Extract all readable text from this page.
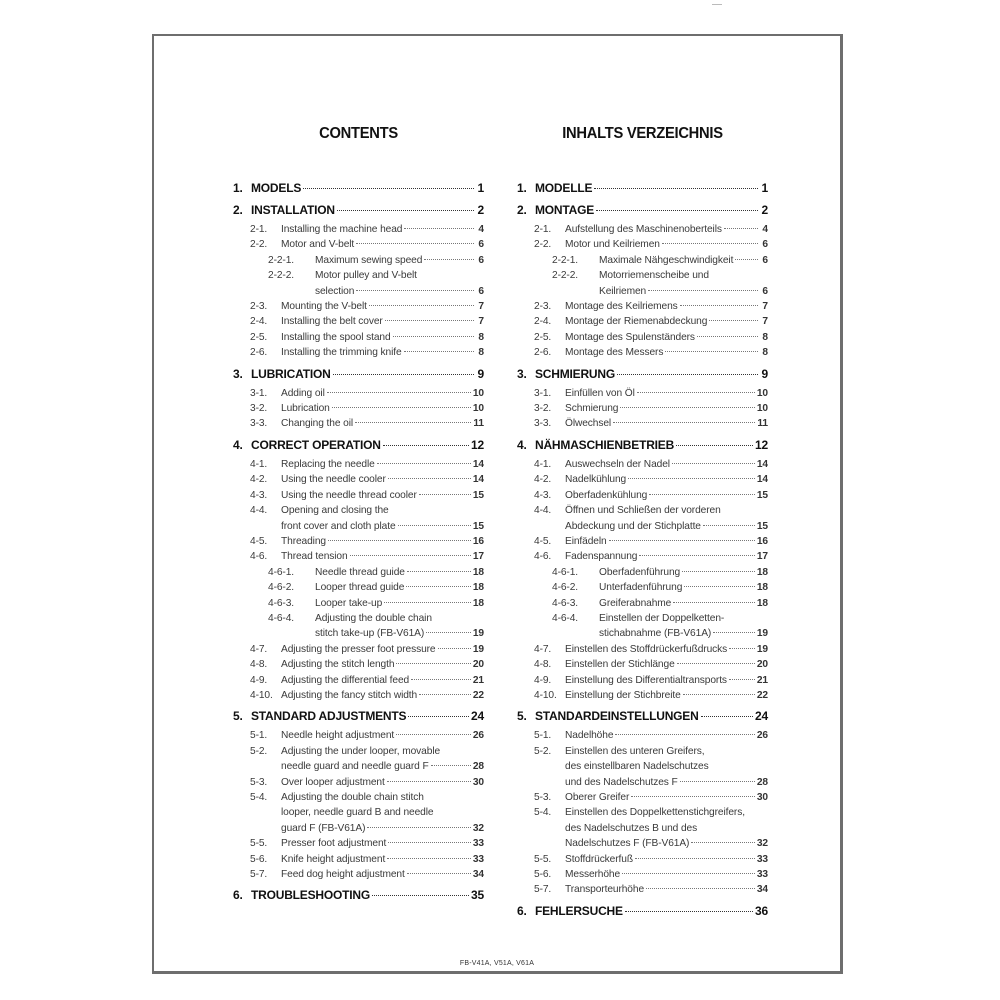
CONTENTS
1. MODELS	1
2. INSTALLATION	2
2-1.	Installing the machine head	4
2-2.	Motor and V-belt	6
2-2-1.	Maximum sewing speed	6
2-2-2.	Motor pulley and V-belt
selection	6
2-3.	Mounting the V-belt	7
2-4.	Installing the belt cover	7
2-5.	Installing the spool stand	8
2-6.	Installing the trimming knife	8
3. LUBRICATION	9
3-1.	Adding oil	10
3-2.	Lubrication	10
3-3.	Changing the oil	11
4. CORRECT OPERATION	12
4-1.	Replacing the needle	14
4-2.	Using the needle cooler	14
4-3.	Using the needle thread cooler	15
4-4.	Opening and closing the
front cover and cloth plate	15
4-5.	Threading	16
4-6.	Thread tension	17
4-6-1.	Needle thread guide	18
4-6-2.	Looper thread guide	18
4-6-3.	Looper take-up	18
4-6-4.	Adjusting the double chain
stitch take-up (FB-V61A)	19
4-7.	Adjusting the presser foot pressure	19
4-8.	Adjusting the stitch length	20
4-9.	Adjusting the differential feed	21
4-10. Adjusting the fancy stitch width	22
5. STANDARD ADJUSTMENTS	24
5-1.	Needle height adjustment	26
5-2.	Adjusting the under looper, movable
needle guard and needle guard F	28
5-3.	Over looper adjustment	30
5-4.	Adjusting the double chain stitch
looper, needle guard B and needle
guard F (FB-V61A)	32
5-5.	Presser foot adjustment	33
5-6.	Knife height adjustment	33
5-7.	Feed dog height adjustment	34
6. TROUBLESHOOTING	35
INHALTS VERZEICHNIS
1. MODELLE	1
2. MONTAGE	2
2-1.	Aufstellung des Maschinenoberteils	4
2-2.	Motor und Keilriemen	6
2-2-1.	Maximale Nähgeschwindigkeit	6
2-2-2.	Motorriemenscheibe und
Keilriemen	6
2-3.	Montage des Keilriemens	7
2-4.	Montage der Riemenabdeckung	7
2-5.	Montage des Spulenständers	8
2-6.	Montage des Messers	8
3. SCHMIERUNG	9
3-1.	Einfüllen von Öl	10
3-2.	Schmierung	10
3-3.	Ölwechsel	11
4. NÄHMASCHIENBETRIEB	12
4-1.	Auswechseln der Nadel	14
4-2.	Nadelkühlung	14
4-3.	Oberfadenkühlung	15
4-4.	Öffnen und Schließen der vorderen
Abdeckung und der Stichplatte	15
4-5.	Einfädeln	16
4-6.	Fadenspannung	17
4-6-1.	Oberfadenführung	18
4-6-2.	Unterfadenführung	18
4-6-3.	Greiferabnahme	18
4-6-4.	Einstellen der Doppelketten-
stichabnahme (FB-V61A)	19
4-7.	Einstellen des Stoffdrückerfußdrucks	19
4-8.	Einstellen der Stichlänge	20
4-9.	Einstellung des Differentialtransports	21
4-10. Einstellung der Stichbreite	22
5. STANDARDEINSTELLUNGEN	24
5-1.	Nadelhöhe	26
5-2.	Einstellen des unteren Greifers,
des einstellbaren Nadelschutzes
und des Nadelschutzes F	28
5-3.	Oberer Greifer	30
5-4.	Einstellen des Doppelkettenstichgreifers,
des Nadelschutzes B und des
Nadelschutzes F (FB-V61A)	32
5-5.	Stoffdrückerfuß	33
5-6.	Messerhöhe	33
5-7.	Transporteurhöhe	34
6. FEHLERSUCHE	36
FB-V41A, V51A, V61A
